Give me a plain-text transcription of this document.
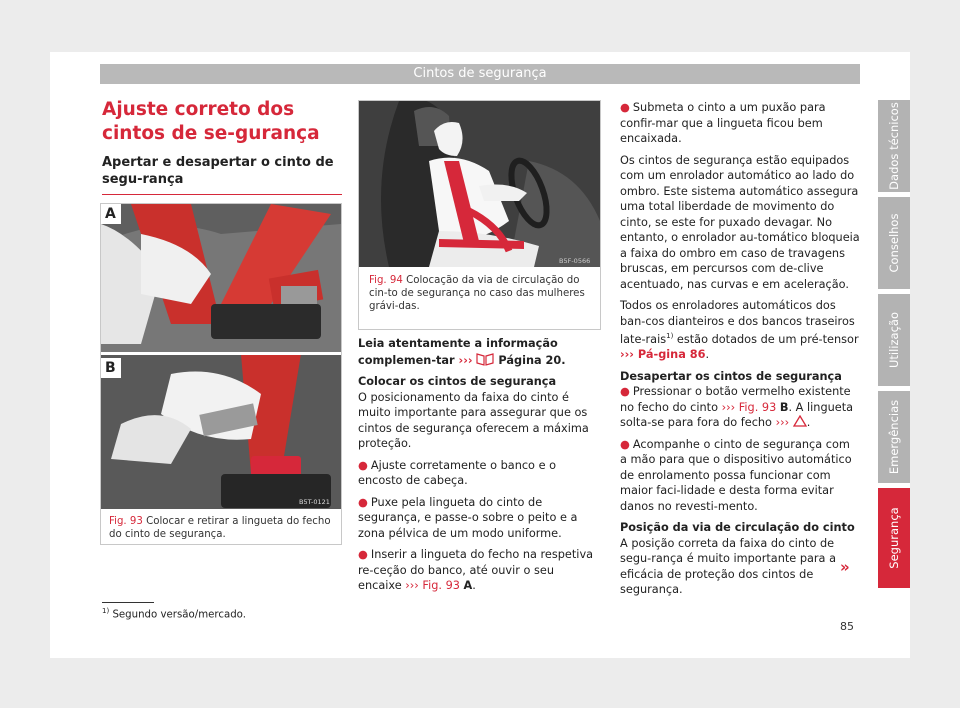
Cintos de segurança
Ajuste correto dos cintos de se-gurança
Apertar e desapertar o cinto de segu-rança
A
B
B5T-0121
Fig. 93 Colocar e retirar a lingueta do fecho do cinto de segurança.
B5F-0566
Fig. 94 Colocação da via de circulação do cin-to de segurança no caso das mulheres grávi-das.

Leia atentamente a informação complemen-tar ››› Página 20.

Colocar os cintos de segurança

O posicionamento da faixa do cinto é muito importante para assegurar que os cintos de segurança oferecem a máxima proteção.

● Ajuste corretamente o banco e o encosto de cabeça.

● Puxe pela lingueta do cinto de segurança, e passe-o sobre o peito e a zona pélvica de um modo uniforme.

● Inserir a lingueta do fecho na respetiva re-ceção do banco, até ouvir o seu encaixe ››› Fig. 93 A.

● Submeta o cinto a um puxão para confir-mar que a lingueta ficou bem encaixada.

Os cintos de segurança estão equipados com um enrolador automático ao lado do ombro. Este sistema automático assegura uma total liberdade de movimento do cinto, se este for puxado devagar. No entanto, o enrolador au-tomático bloqueia a faixa do ombro em caso de travagens bruscas, em percursos com de-clive acentuado, nas curvas e em aceleração.

Todos os enroladores automáticos dos ban-cos dianteiros e dos bancos traseiros late-rais$^{1)}$ estão dotados de um pré-tensor ››› Pá-gina 86.

Desapertar os cintos de segurança

● Pressionar o botão vermelho existente no fecho do cinto ››› Fig. 93 B. A lingueta solta-se para fora do fecho ››› .

● Acompanhe o cinto de segurança com a mão para que o dispositivo automático de enrolamento possa funcionar com maior faci-lidade e desta forma evitar danos no revesti-mento.

Posição da via de circulação do cinto

A posição correta da faixa do cinto de segu-rança é muito importante para a eficácia de proteção dos cintos de segurança.

»
$^{1)}$ Segundo versão/mercado.
85
Dados técnicos
Conselhos
Utilização
Emergências
Segurança
